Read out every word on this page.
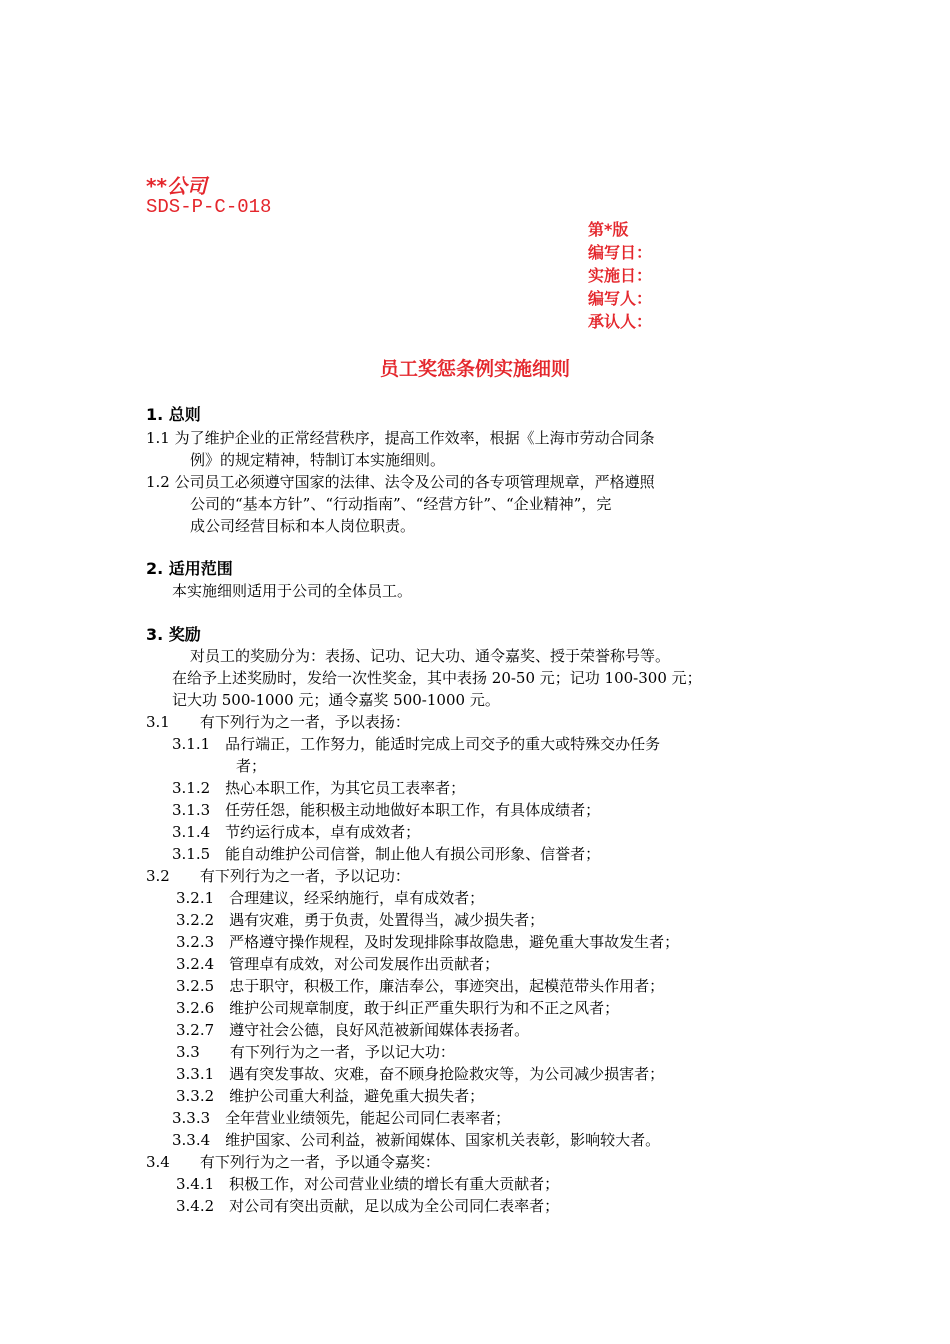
**公司
SDS-P-C-018
第*版
编写日：
实施日：
编写人：
承认人：
员工奖惩条例实施细则
1. 总则
1.1 为了维护企业的正常经营秩序，提高工作效率，根据《上海市劳动合同条
例》的规定精神，特制订本实施细则。
1.2 公司员工必须遵守国家的法律、法令及公司的各专项管理规章，严格遵照
公司的“基本方针”、“行动指南”、“经营方针”、“企业精神”，完
成公司经营目标和本人岗位职责。
2. 适用范围
本实施细则适用于公司的全体员工。
3. 奖励
对员工的奖励分为：表扬、记功、记大功、通令嘉奖、授于荣誉称号等。
在给予上述奖励时，发给一次性奖金，其中表扬 20-50 元；记功 100-300 元；
记大功 500-1000 元；通令嘉奖 500-1000 元。
3.1　　有下列行为之一者，予以表扬：
3.1.1　品行端正，工作努力，能适时完成上司交予的重大或特殊交办任务
者；
3.1.2　热心本职工作，为其它员工表率者；
3.1.3　任劳任怨，能积极主动地做好本职工作，有具体成绩者；
3.1.4　节约运行成本，卓有成效者；
3.1.5　能自动维护公司信誉，制止他人有损公司形象、信誉者；
3.2　　有下列行为之一者，予以记功：
3.2.1　合理建议，经采纳施行，卓有成效者；
3.2.2　遇有灾难，勇于负责，处置得当，减少损失者；
3.2.3　严格遵守操作规程，及时发现排除事故隐患，避免重大事故发生者；
3.2.4　管理卓有成效，对公司发展作出贡献者；
3.2.5　忠于职守，积极工作，廉洁奉公，事迹突出，起模范带头作用者；
3.2.6　维护公司规章制度，敢于纠正严重失职行为和不正之风者；
3.2.7　遵守社会公德，良好风范被新闻媒体表扬者。
3.3　　有下列行为之一者，予以记大功：
3.3.1　遇有突发事故、灾难，奋不顾身抢险救灾等，为公司减少损害者；
3.3.2　维护公司重大利益，避免重大损失者；
3.3.3　全年营业业绩领先，能起公司同仁表率者；
3.3.4　维护国家、公司利益，被新闻媒体、国家机关表彰，影响较大者。
3.4　　有下列行为之一者，予以通令嘉奖：
3.4.1　积极工作，对公司营业业绩的增长有重大贡献者；
3.4.2　对公司有突出贡献，足以成为全公司同仁表率者；
